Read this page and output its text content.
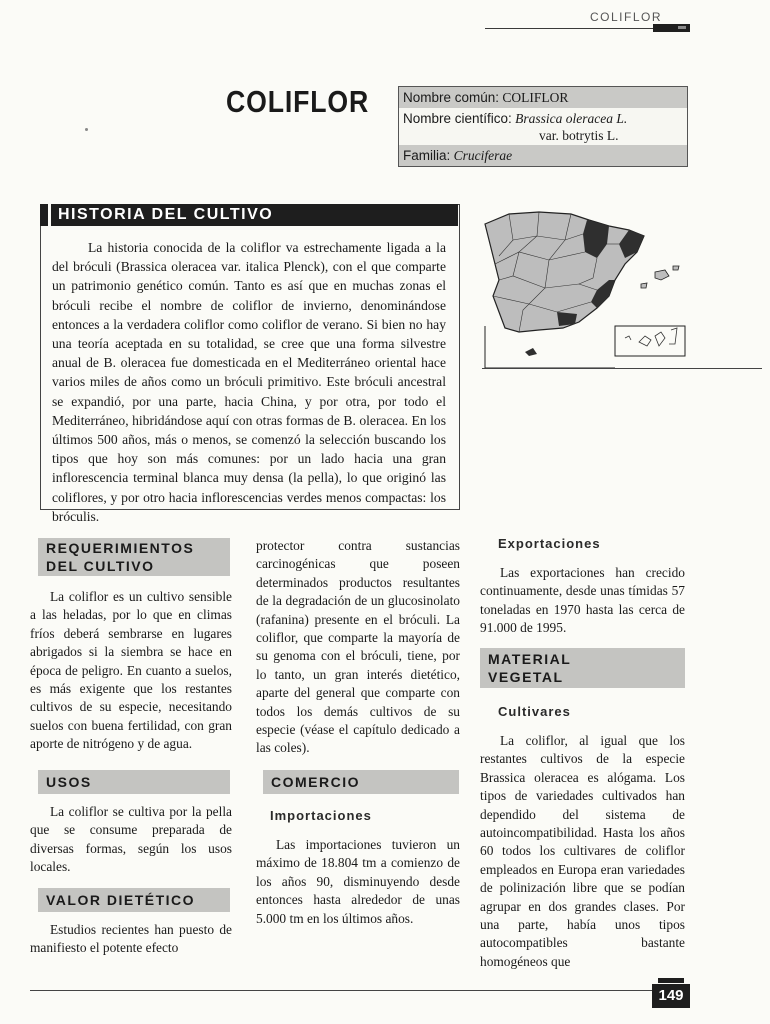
COLIFLOR
COLIFLOR	Nombre común: COLIFLOR
Nombre científico: Brassica oleracea L.
var. botrytis L.
Familia: Cruciferae
HISTORIA DEL CULTIVO

La historia conocida de la coliflor va estrechamente ligada a la del bróculi (Brassica oleracea var. italica Plenck), con el que comparte un patrimonio genético común. Tanto es así que en muchas zonas el bróculi recibe el nombre de coliflor de invierno, denominándose entonces a la verdadera coliflor como coliflor de verano. Si bien no hay una teoría aceptada en su totalidad, se cree que una forma silvestre anual de B. oleracea fue domesticada en el Mediterráneo oriental hace varios miles de años como un bróculi primitivo. Este bróculi ancestral se expandió, por una parte, hacia China, y por otra, por todo el Mediterráneo, hibridándose aquí con otras formas de B. oleracea. En los últimos 500 años, más o menos, se comenzó la selección buscando los tipos que hoy son más comunes: por un lado hacia una gran inflorescencia terminal blanca muy densa (la pella), lo que originó las coliflores, y por otro hacia inflorescencias verdes menos compactas: los bróculis.

REQUERIMIENTOS
DEL CULTIVO

La coliflor es un cultivo sensible a las heladas, por lo que en climas fríos deberá sembrarse en lugares abrigados si la siembra se hace en época de peligro. En cuanto a suelos, es más exigente que los restantes cultivos de su especie, necesitando suelos con buena fertilidad, con gran aporte de nitrógeno y de agua.

USOS

La coliflor se cultiva por la pella que se consume preparada de diversas formas, según los usos locales.

VALOR DIETÉTICO

Estudios recientes han puesto de manifiesto el potente efecto

protector contra sustancias carcinogénicas que poseen determinados productos resultantes de la degradación de un glucosinolato (rafanina) presente en el bróculi. La coliflor, que comparte la mayoría de su genoma con el bróculi, tiene, por lo tanto, un gran interés dietético, aparte del general que comparte con todos los demás cultivos de su especie (véase el capítulo dedicado a las coles).

COMERCIO
Importaciones

Las importaciones tuvieron un máximo de 18.804 tm a comienzo de los años 90, disminuyendo desde entonces hasta alrededor de unas 5.000 tm en los últimos años.

Exportaciones

Las exportaciones han crecido continuamente, desde unas tímidas 57 toneladas en 1970 hasta las cerca de 91.000 de 1995.

MATERIAL
VEGETAL
Cultivares

La coliflor, al igual que los restantes cultivos de la especie Brassica oleracea es alógama. Los tipos de variedades cultivados han dependido del sistema de autoincompatibilidad. Hasta los años 60 todos los cultivares de coliflor empleados en Europa eran variedades de polinización libre que se podían agrupar en dos grandes clases. Por una parte, había unos tipos autocompatibles bastante homogéneos que

149
